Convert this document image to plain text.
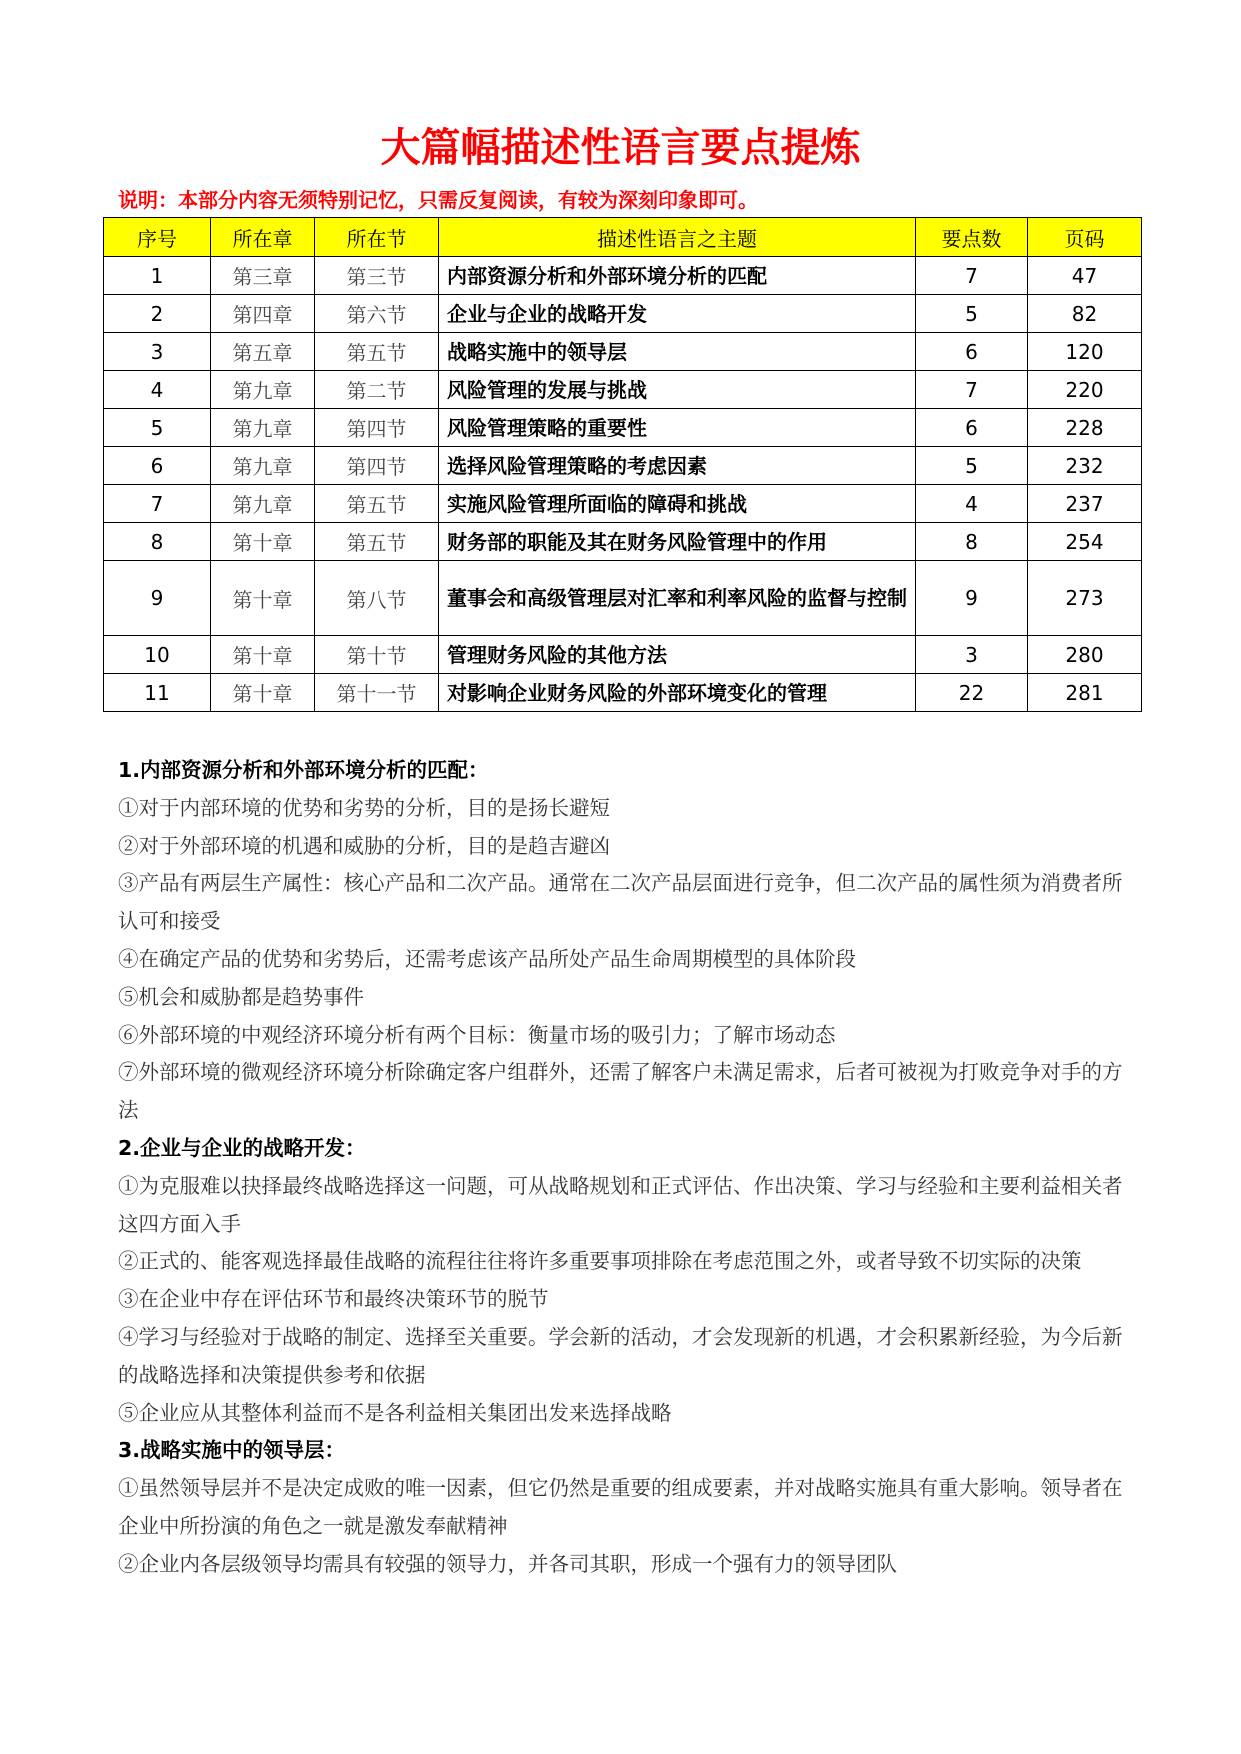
大篇幅描述性语言要点提炼
说明：本部分内容无须特别记忆，只需反复阅读，有较为深刻印象即可。
序号	所在章	所在节	描述性语言之主题	要点数	页码
1	第三章	第三节	内部资源分析和外部环境分析的匹配	7	47
2	第四章	第六节	企业与企业的战略开发	5	82
3	第五章	第五节	战略实施中的领导层	6	120
4	第九章	第二节	风险管理的发展与挑战	7	220
5	第九章	第四节	风险管理策略的重要性	6	228
6	第九章	第四节	选择风险管理策略的考虑因素	5	232
7	第九章	第五节	实施风险管理所面临的障碍和挑战	4	237
8	第十章	第五节	财务部的职能及其在财务风险管理中的作用	8	254
9	第十章	第八节	董事会和高级管理层对汇率和利率风险的监督与控制	9	273
10	第十章	第十节	管理财务风险的其他方法	3	280
11	第十章	第十一节	对影响企业财务风险的外部环境变化的管理	22	281
1.内部资源分析和外部环境分析的匹配：

①对于内部环境的优势和劣势的分析，目的是扬长避短

②对于外部环境的机遇和威胁的分析，目的是趋吉避凶

③产品有两层生产属性：核心产品和二次产品。通常在二次产品层面进行竞争，但二次产品的属性须为消费者所认可和接受

④在确定产品的优势和劣势后，还需考虑该产品所处产品生命周期模型的具体阶段

⑤机会和威胁都是趋势事件

⑥外部环境的中观经济环境分析有两个目标：衡量市场的吸引力；了解市场动态

⑦外部环境的微观经济环境分析除确定客户组群外，还需了解客户未满足需求，后者可被视为打败竞争对手的方法

2.企业与企业的战略开发：

①为克服难以抉择最终战略选择这一问题，可从战略规划和正式评估、作出决策、学习与经验和主要利益相关者这四方面入手

②正式的、能客观选择最佳战略的流程往往将许多重要事项排除在考虑范围之外，或者导致不切实际的决策

③在企业中存在评估环节和最终决策环节的脱节

④学习与经验对于战略的制定、选择至关重要。学会新的活动，才会发现新的机遇，才会积累新经验，为今后新的战略选择和决策提供参考和依据

⑤企业应从其整体利益而不是各利益相关集团出发来选择战略

3.战略实施中的领导层：

①虽然领导层并不是决定成败的唯一因素，但它仍然是重要的组成要素，并对战略实施具有重大影响。领导者在企业中所扮演的角色之一就是激发奉献精神

②企业内各层级领导均需具有较强的领导力，并各司其职，形成一个强有力的领导团队
